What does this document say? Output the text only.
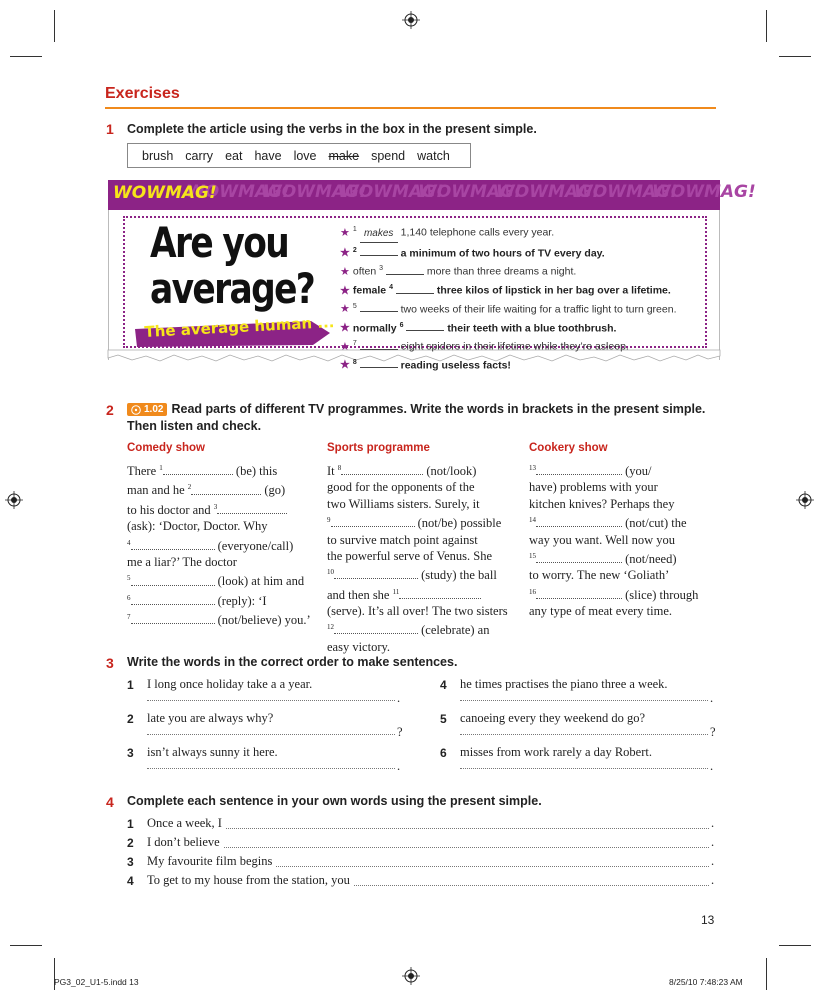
Exercises
1 Complete the article using the verbs in the box in the present simple.
brush carry eat have love make spend watch
WOWMAG!
WOWMAG!
WOWMAG!
WOWMAG!
WOWMAG!
WOWMAG!
WOWMAG!
WOWMAG!
Are you
average?
The average human ...
★ $^1$ makes 1,140 telephone calls every year.
★ $^2$	a minimum of two hours of TV every day.
★ often $^3$	more than three dreams a night.
★ female $^4$	three kilos of lipstick in her bag over a lifetime.
★ $^5$	two weeks of their life waiting for a traffic light to turn green.
★ normally $^6$	their teeth with a blue toothbrush.
★ $^7$	eight spiders in their lifetime while they’re asleep.
★ $^8$	reading useless facts!
2	1.02 Read parts of different TV programmes. Write the words in brackets in the present simple.
Then listen and check.
Comedy show	Sports programme	Cookery show
There $^1$	(be) this
man and he $^2$	(go)
to his doctor and $^3$
(ask): ‘Doctor, Doctor. Why
$^4$	(everyone/call)
me a liar?’ The doctor
$^5$	(look) at him and
$^6$	(reply): ‘I
$^7$	(not/believe) you.’
It $^8$	(not/look)
good for the opponents of the
two Williams sisters. Surely, it
$^9$	(not/be) possible
to survive match point against
the powerful serve of Venus. She
$^{10}$	(study) the ball
and then she $^{11}$
(serve). It’s all over! The two sisters
$^{12}$	(celebrate) an
easy victory.
$^{13}$	(you/
have) problems with your
kitchen knives? Perhaps they
$^{14}$	(not/cut) the
way you want. Well now you
$^{15}$	(not/need)
to worry. The new ‘Goliath’
$^{16}$	(slice) through
any type of meat every time.
3 Write the words in the correct order to make sentences.
1 I long once holiday take a a year.
.
2 late you are always why?
?
3 isn’t always sunny it here.
.
4 he times practises the piano three a week.
.
5 canoeing every they weekend do go?
?
6 misses from work rarely a day Robert.
.
4 Complete each sentence in your own words using the present simple.
1 Once a week, I
2 I don’t believe
3 My favourite film begins
4 To get to my house from the station, you
.
.
.
.
13
PG3_02_U1-5.indd 13	8/25/10 7:48:23 AM
